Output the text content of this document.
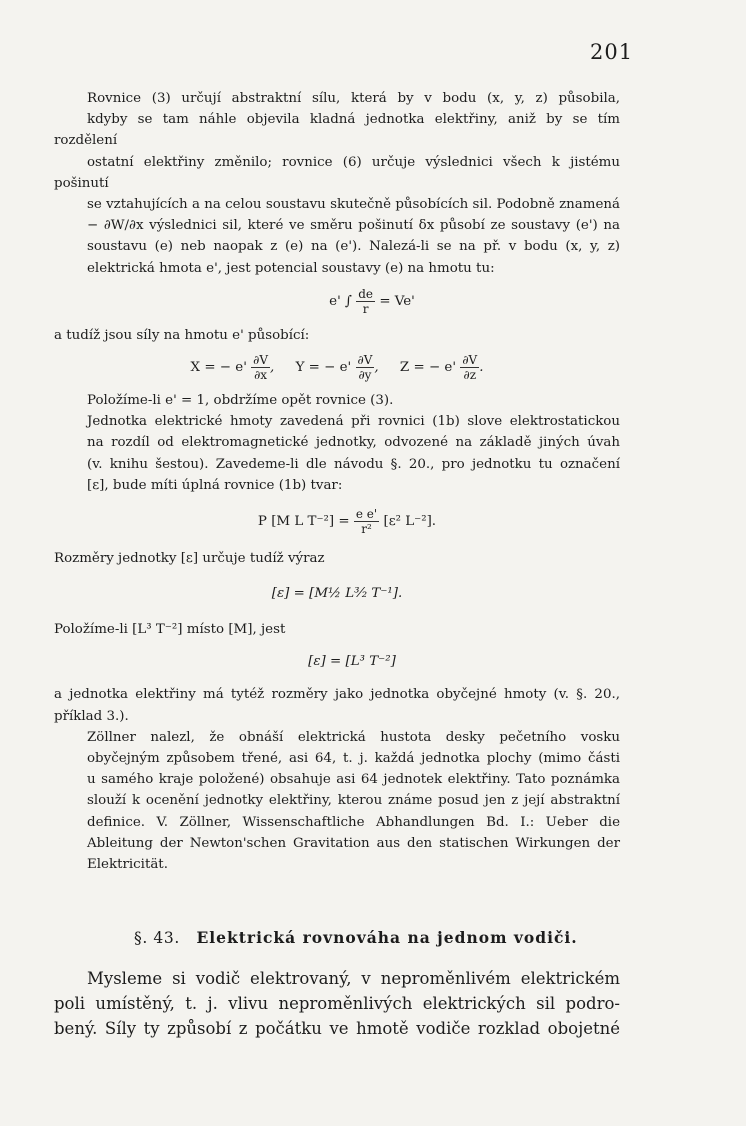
201

Rovnice (3) určují abstraktní sílu, která by v bodu (x, y, z) působila,
kdyby se tam náhle objevila kladná jednotka elektřiny, aniž by se tím rozdělení
ostatní elektřiny změnilo; rovnice (6) určuje výslednici všech k jistému pošinutí
se vztahujících a na celou soustavu skutečně působících sil. Podobně znamená
− ∂W/∂x výslednici sil, které ve směru pošinutí δx působí ze soustavy (e') na
soustavu (e) neb naopak z (e) na (e'). Nalezá-li se na př. v bodu (x, y, z)
elektrická hmota e', jest potencial soustavy (e) na hmotu tu:

e' ∫ $\frac{de}{r} = Ve'$

a tudíž jsou síly na hmotu e' působící:

X = − $e' \frac{\partial V}{\partial x}$ ,     Y = − $e' \frac{\partial V}{\partial y}$ ,     Z = − $e' \frac{\partial V}{\partial z}$ .

Položíme-li e' = 1, obdržíme opět rovnice (3).

Jednotka elektrické hmoty zavedená při rovnici (1b) slove elektrostatickou
na rozdíl od elektromagnetické jednotky, odvozené na základě jiných úvah
(v. knihu šestou). Zavedeme-li dle návodu §. 20., pro jednotku tu označení
[ε], bude míti úplná rovnice (1b) tvar:

P [M L $T^{-2}] = \frac{\text{e e'}}{\text{r²}} [\varepsilon^2$ L⁻²].

Rozměry jednotky [ε] určuje tudíž výraz

[ε] = [M½ L³⁄₂ T⁻¹].

Položíme-li [L³ T⁻²] místo [M], jest

[ε] = [L³ T⁻²]

a jednotka elektřiny má tytéž rozměry jako jednotka obyčejné hmoty (v. §. 20.,
příklad 3.).

Zöllner nalezl, že obnáší elektrická hustota desky pečetního vosku
obyčejným způsobem třené, asi 64, t. j. každá jednotka plochy (mimo části
u samého kraje položené) obsahuje asi 64 jednotek elektřiny. Tato poznámka
slouží k ocenění jednotky elektřiny, kterou známe posud jen z její abstraktní
definice. V. Zöllner, Wissenschaftliche Abhandlungen Bd. I.: Ueber die
Ableitung der Newton'schen Gravitation aus den statischen Wirkungen der
Elektricität.

§. 43. Elektrická rovnováha na jednom vodiči.
Mysleme si vodič elektrovaný, v neproměnlivém elektrickém
poli umístěný, t. j. vlivu neproměnlivých elektrických sil podro-
bený. Síly ty způsobí z počátku ve hmotě vodiče rozklad obojetné
